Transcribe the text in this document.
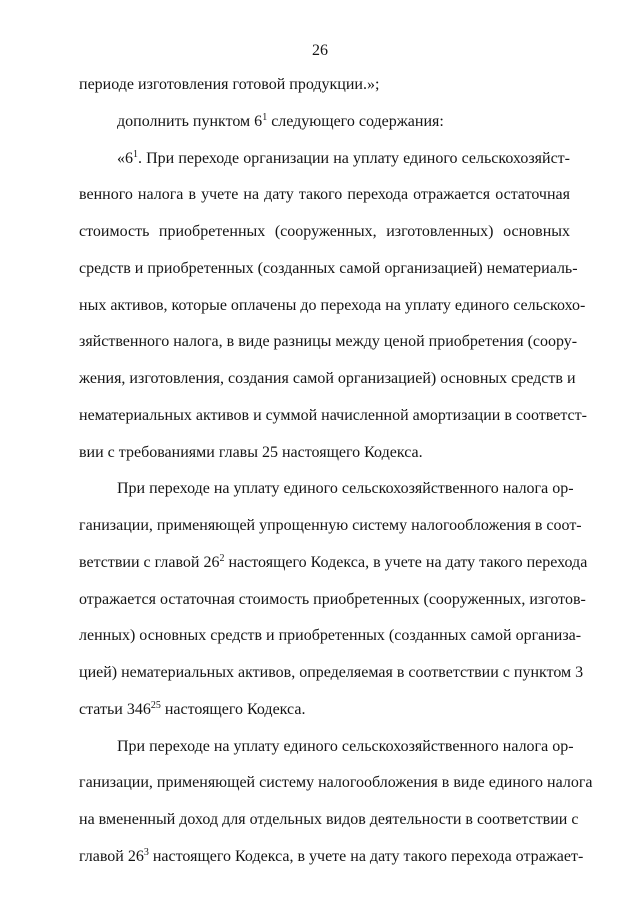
26
периоде изготовления готовой продукции.»;
дополнить пунктом $6^1$ следующего содержания:
«$6^1$. При переходе организации на уплату единого сельскохозяйст-
венного налога в учете на дату такого перехода отражается остаточная
стоимость приобретенных (сооруженных, изготовленных) основных
средств и приобретенных (созданных самой организацией) нематериаль-
ных активов, которые оплачены до перехода на уплату единого сельскохо-
зяйственного налога, в виде разницы между ценой приобретения (соору-
жения, изготовления, создания самой организацией) основных средств и
нематериальных активов и суммой начисленной амортизации в соответст-
вии с требованиями главы 25 настоящего Кодекса.
При переходе на уплату единого сельскохозяйственного налога ор-
ганизации, применяющей упрощенную систему налогообложения в соот-
ветствии с главой $26^2$ настоящего Кодекса, в учете на дату такого перехода
отражается остаточная стоимость приобретенных (сооруженных, изготов-
ленных) основных средств и приобретенных (созданных самой организа-
цией) нематериальных активов, определяемая в соответствии с пунктом 3
статьи $346^{25}$ настоящего Кодекса.
При переходе на уплату единого сельскохозяйственного налога ор-
ганизации, применяющей систему налогообложения в виде единого налога
на вмененный доход для отдельных видов деятельности в соответствии с
главой $26^3$ настоящего Кодекса, в учете на дату такого перехода отражает-
